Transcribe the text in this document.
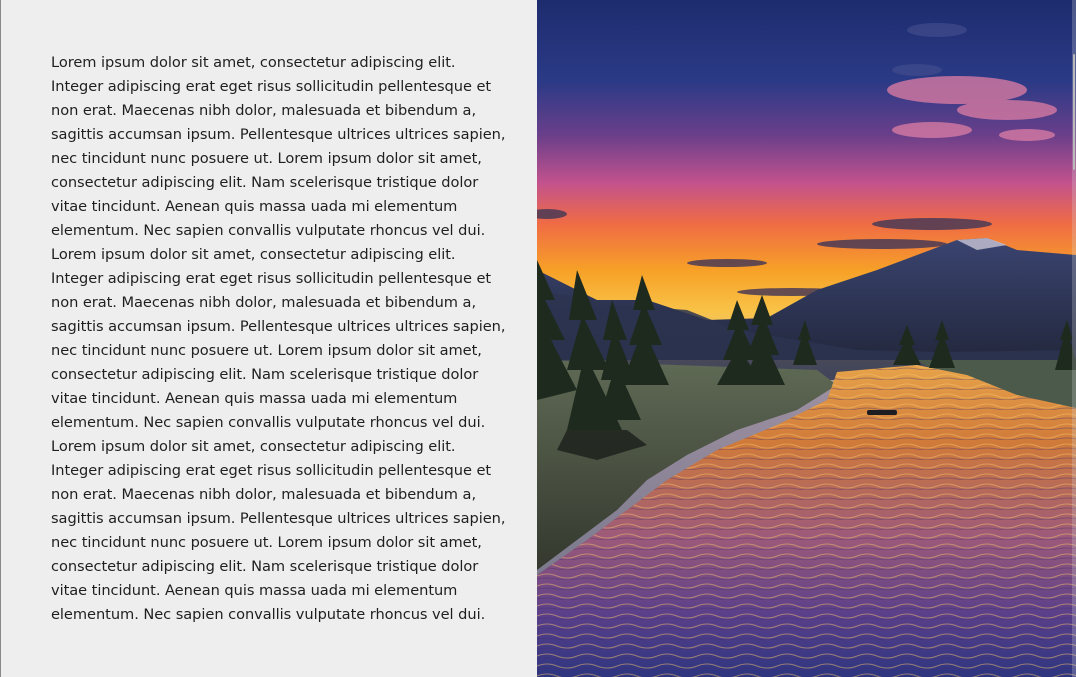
Lorem ipsum dolor sit amet, consectetur adipiscing elit.
Integer adipiscing erat eget risus sollicitudin pellentesque et
non erat. Maecenas nibh dolor, malesuada et bibendum a,
sagittis accumsan ipsum. Pellentesque ultrices ultrices sapien,
nec tincidunt nunc posuere ut. Lorem ipsum dolor sit amet,
consectetur adipiscing elit. Nam scelerisque tristique dolor
vitae tincidunt. Aenean quis massa uada mi elementum
elementum. Nec sapien convallis vulputate rhoncus vel dui.
Lorem ipsum dolor sit amet, consectetur adipiscing elit.
Integer adipiscing erat eget risus sollicitudin pellentesque et
non erat. Maecenas nibh dolor, malesuada et bibendum a,
sagittis accumsan ipsum. Pellentesque ultrices ultrices sapien,
nec tincidunt nunc posuere ut. Lorem ipsum dolor sit amet,
consectetur adipiscing elit. Nam scelerisque tristique dolor
vitae tincidunt. Aenean quis massa uada mi elementum
elementum. Nec sapien convallis vulputate rhoncus vel dui.
Lorem ipsum dolor sit amet, consectetur adipiscing elit.
Integer adipiscing erat eget risus sollicitudin pellentesque et
non erat. Maecenas nibh dolor, malesuada et bibendum a,
sagittis accumsan ipsum. Pellentesque ultrices ultrices sapien,
nec tincidunt nunc posuere ut. Lorem ipsum dolor sit amet,
consectetur adipiscing elit. Nam scelerisque tristique dolor
vitae tincidunt. Aenean quis massa uada mi elementum
elementum. Nec sapien convallis vulputate rhoncus vel dui.
